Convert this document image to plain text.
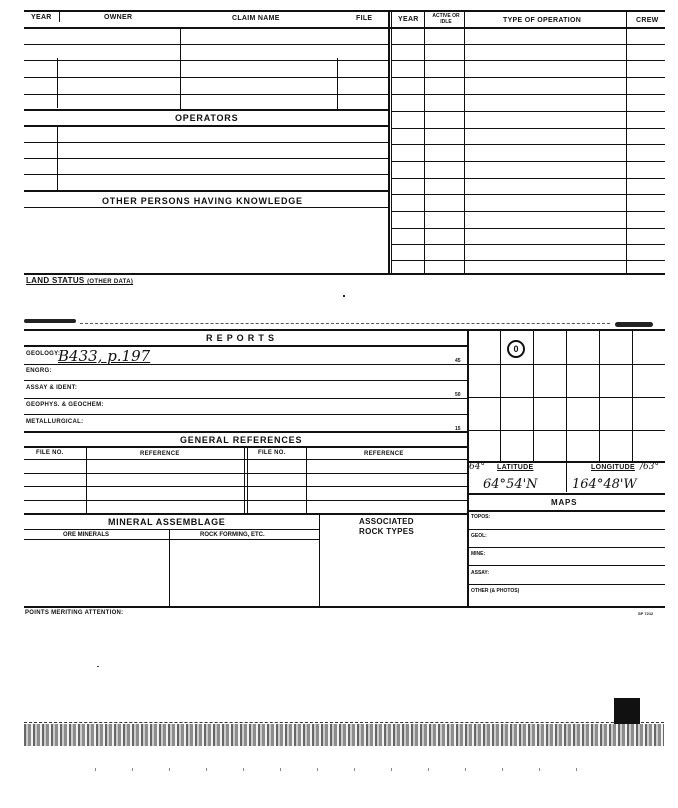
YEAR	OWNER	CLAIM NAME	FILE	YEAR	ACTIVE OR IDLE	TYPE OF OPERATION	CREW
OPERATORS
OTHER PERSONS HAVING KNOWLEDGE
LAND STATUS (OTHER DATA)
R E P O R T S
GEOLOGY:
B433, p.197	45
ENGRG:
ASSAY & IDENT:
50
GEOPHYS. & GEOCHEM:
METALLURGICAL:
15
GENERAL REFERENCES
FILE NO.	REFERENCE	FILE NO.	REFERENCE
0
64° LATITUDE	LONGITUDE /63°
64°54'N	164°48'W
MAPS
TOPOS:
GEOL:
MINE:
ASSAY:
OTHER (& PHOTOS)
MINERAL ASSEMBLAGE	ASSOCIATED
ROCK TYPES
ORE MINERALS	ROCK FORMING, ETC.
POINTS MERITING ATTENTION:	SP 7212
